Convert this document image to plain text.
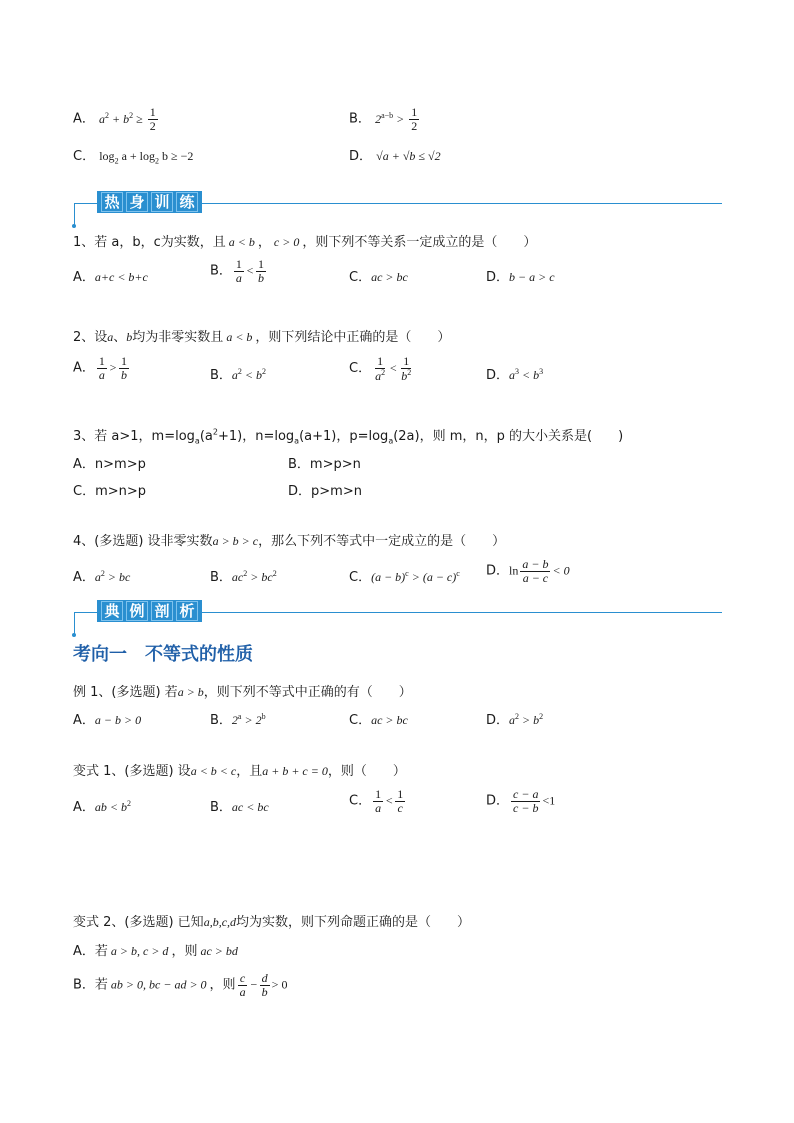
A． $a^2 + b^2 \ge \frac{1}{2}$	B． $2^{a-b} > \frac{1}{2}$
C． $\log_2 a + \log_2 b \ge -2$	D． √a + √b ≤ √2
热 身 训 练
1、若 a，b，c为实数，且 a < b ， c > 0 ，则下列不等关系一定成立的是（　　）
A．a+c < b+c	B． $\frac{1}{a} < \frac{1}{b}$	C．ac > bc	D．b − a > c
2、设a、b均为非零实数且 a < b ，则下列结论中正确的是（　　）
A． $\frac{1}{a} > \frac{1}{b}$	B．$a^2 < b^2$	C． $\frac{1}{a^2} < \frac{1}{b^2}$	D．$a^3 < b^3$
3、若 a>1，$m=\log_a(a^2+1)$，$n=\log_a(a+1)$，$p=\log_a(2a)$，则 m，n，p 的大小关系是(　　)
A．n>m>p	B．m>p>n
C．m>n>p	D．p>m>n
4、(多选题) 设非零实数a > b > c，那么下列不等式中一定成立的是（　　）
A．$a^2$ > bc	B．$ac^2 > bc^2$	C．$(a - b)^c > (a - c)^c$ D．$\ln \frac{a - b}{a - c} < 0$
典 例 剖 析
考向一　不等式的性质
例 1、(多选题) 若a > b，则下列不等式中正确的有（　　）
A．a − b > 0	B．$2^a > 2^b$	C．ac > bc	D．$a^2 > b^2$
变式 1、(多选题) 设a < b < c，且a + b + c = 0，则（　　）
A．ab < $b^2$	B．ac < bc	C． $\frac{1}{a} < \frac{1}{c}$	D． $\frac{c - a}{c - b} <1$
变式 2、(多选题) 已知a,b,c,d均为实数，则下列命题正确的是（　　）
A．若 a > b, c > d ，则 ac > bd
B．若 ab > 0, bc − ad > 0 ，则 $\frac{c}{a} - \frac{d}{b} > 0$
